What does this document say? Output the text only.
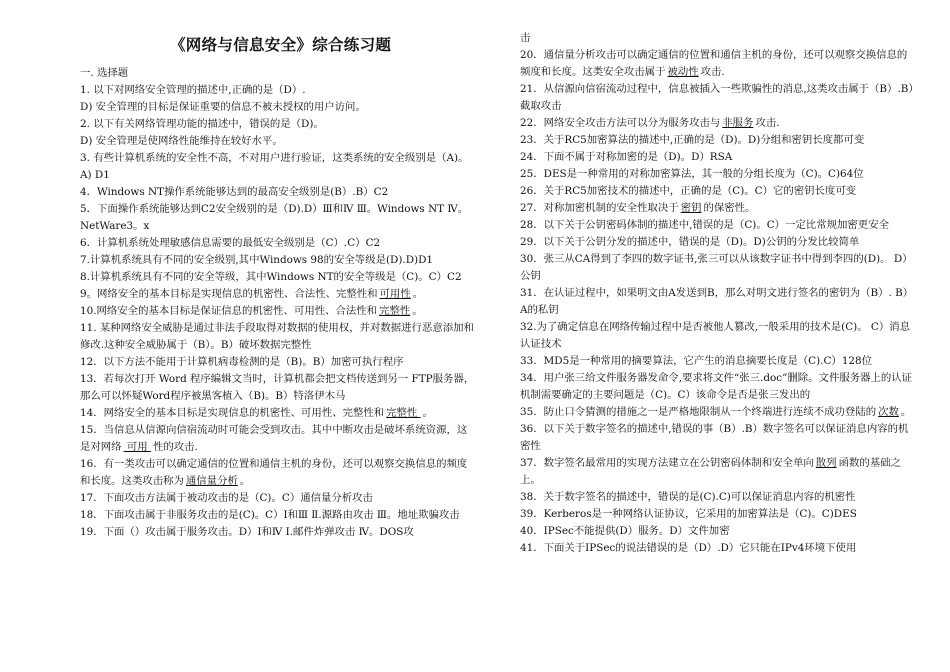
《网络与信息安全》综合练习题	击
一. 选择题
1. 以下对网络安全管理的描述中,正确的是（D）.
D) 安全管理的目标是保证重要的信息不被未授权的用户访问。
2. 以下有关网络管理功能的描述中，错误的是（D)。
D) 安全管理是使网络性能维持在较好水平。
3. 有些计算机系统的安全性不高，不对用户进行验证，这类系统的安全级别是（A)。A) D1
4．Windows NT操作系统能够达到的最高安全级别是(B）.B）C2
5．下面操作系统能够达到C2安全级别的是（D).D）Ⅲ和Ⅳ Ⅲ。Windows NT Ⅳ。NetWare3。x
6．计算机系统处理敏感信息需要的最低安全级别是（C）.C）C2
7.计算机系统具有不同的安全级别,其中Windows 98的安全等级是(D).D)D1
8.计算机系统具有不同的安全等级，其中Windows NT的安全等级是（C)。C）C2
9。网络安全的基本目标是实现信息的机密性、合法性、完整性和 可用性 。
10.网络安全的基本目标是保证信息的机密性、可用性、合法性和 完整性 。
11. 某种网络安全威胁是通过非法手段取得对数据的使用权，并对数据进行恶意添加和修改.这种安全威胁属于（B）。B）破坏数据完整性
12．以下方法不能用于计算机病毒检测的是（B)。B）加密可执行程序
13．若每次打开 Word 程序编辑文当时，计算机都会把文档传送到另一 FTP服务器，那么可以怀疑Word程序被黑客植入（B)。B）特洛伊木马
14．网络安全的基本目标是实现信息的机密性、可用性、完整性和 完整性 。
15．当信息从信源向信宿流动时可能会受到攻击。其中中断攻击是破坏系统资源，这是对网络 可用 性的攻击.
16．有一类攻击可以确定通信的位置和通信主机的身份，还可以观察交换信息的频度和长度。这类攻击称为 通信量分析 。
17．下面攻击方法属于被动攻击的是（C)。C）通信量分析攻击
18．下面攻击属于非服务攻击的是(C)。C）Ⅰ和Ⅲ Ⅱ.源路由攻击 Ⅲ。地址欺骗攻击
19．下面（）攻击属于服务攻击。D）Ⅰ和Ⅳ Ⅰ.邮件炸弹攻击 Ⅳ。DOS攻
20．通信量分析攻击可以确定通信的位置和通信主机的身份，还可以观察交换信息的频度和长度。这类安全攻击属于 被动性 攻击.
21．从信源向信宿流动过程中，信息被插入一些欺骗性的消息,这类攻击属于（B）.B）截取攻击
22．网络安全攻击方法可以分为服务攻击与 非服务 攻击.
23．关于RC5加密算法的描述中,正确的是（D)。D)分组和密钥长度都可变
24．下面不属于对称加密的是（D)。D）RSA
25．DES是一种常用的对称加密算法，其一般的分组长度为（C)。C)64位
26．关于RC5加密技术的描述中，正确的是（C)。C）它的密钥长度可变
27．对称加密机制的安全性取决于 密钥 的保密性。
28．以下关于公钥密码体制的描述中,错误的是（C)。C）一定比常规加密更安全
29．以下关于公钥分发的描述中，错误的是（D)。D)公钥的分发比较简单
30．张三从CA得到了李四的数字证书,张三可以从该数字证书中得到李四的(D)。 D）公钥
31．在认证过程中，如果明文由A发送到B，那么对明文进行签名的密钥为（B）. B）A的私钥
32.为了确定信息在网络传输过程中是否被他人篡改,一般采用的技术是(C)。 C）消息认证技术
33．MD5是一种常用的摘要算法，它产生的消息摘要长度是（C).C）128位
34．用户张三给文件服务器发命令,要求将文件“张三.doc”删除。文件服务器上的认证机制需要确定的主要问题是（C)。C）该命令是否是张三发出的
35．防止口令猜测的措施之一是严格地限制从一个终端进行连续不成功登陆的 次数 。
36．以下关于数字签名的描述中,错误的事（B）.B）数字签名可以保证消息内容的机密性
37．数字签名最常用的实现方法建立在公钥密码体制和安全单向 散列 函数的基础之上。
38．关于数字签名的描述中，错误的是(C).C)可以保证消息内容的机密性
39．Kerberos是一种网络认证协议，它采用的加密算法是（C)。C)DES
40．IPSec不能提供(D）服务。D）文件加密
41．下面关于IPSec的说法错误的是（D）.D）它只能在IPv4环境下使用
